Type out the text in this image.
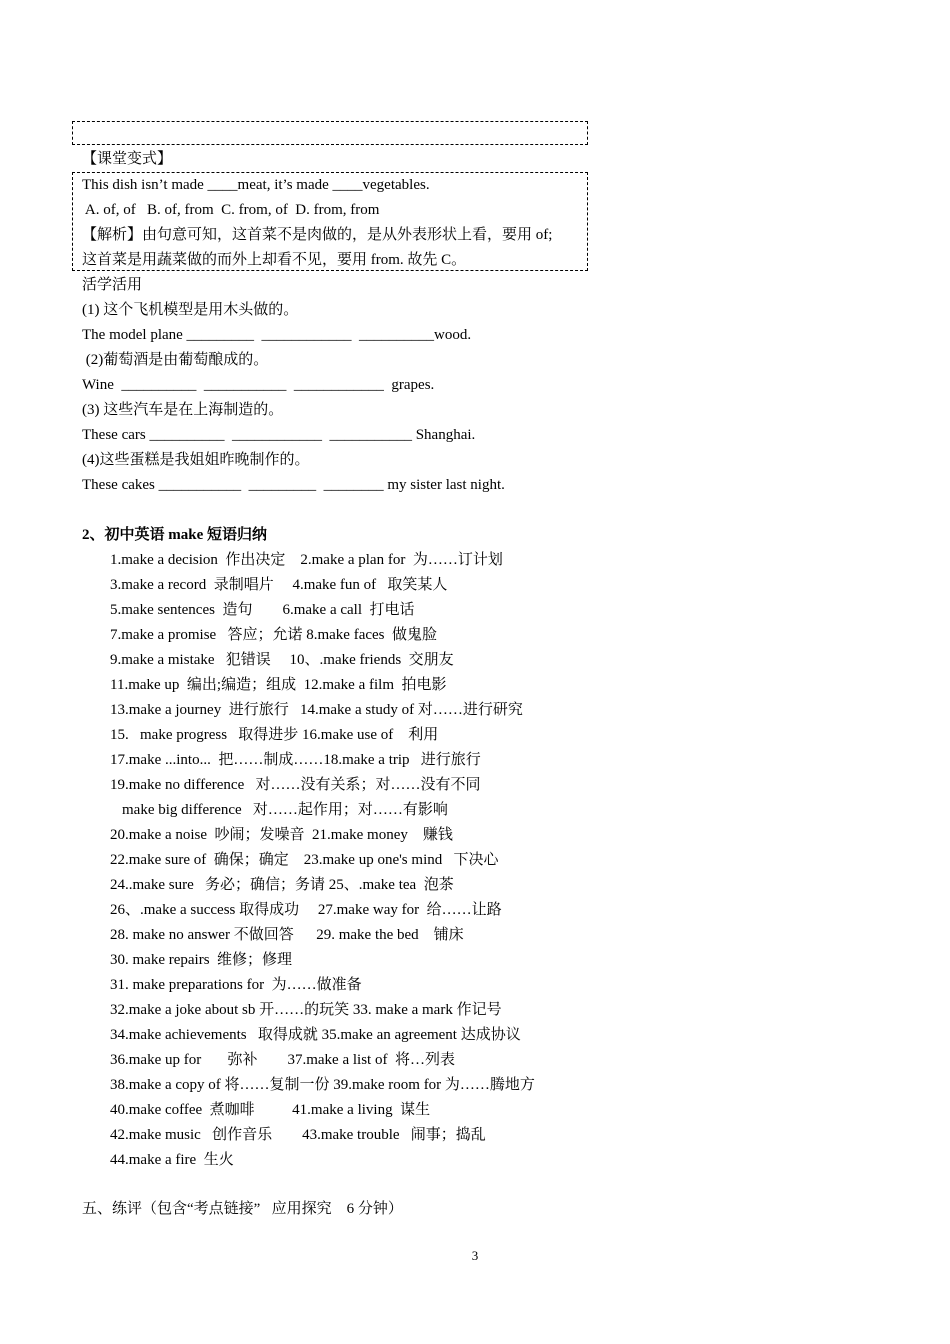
【课堂变式】
This dish isn’t made ____meat, it’s made ____vegetables.
A. of, of   B. of, from  C. from, of  D. from, from
【解析】由句意可知，这首菜不是肉做的，是从外表形状上看，要用 of;
这首菜是用蔬菜做的而外上却看不见，要用 from. 故先 C。
活学活用
(1) 这个飞机模型是用木头做的。
The model plane _________  ____________  __________wood.
(2)葡萄酒是由葡萄酿成的。
Wine  __________  ___________  ____________  grapes.
(3) 这些汽车是在上海制造的。
These cars __________  ____________  ___________ Shanghai.
(4)这些蛋糕是我姐姐昨晚制作的。
These cakes ___________  _________  ________ my sister last night.
2、初中英语 make 短语归纳
1.make a decision  作出决定    2.make a plan for  为……订计划
3.make a record  录制唱片     4.make fun of   取笑某人
5.make sentences  造句        6.make a call  打电话
7.make a promise   答应；允诺 8.make faces  做鬼脸
9.make a mistake   犯错误     10、.make friends  交朋友
11.make up  编出;编造；组成  12.make a film  拍电影
13.make a journey  进行旅行   14.make a study of 对……进行研究
15.   make progress   取得进步 16.make use of    利用
17.make ...into...  把……制成……18.make a trip   进行旅行
19.make no difference   对……没有关系；对……没有不同
make big difference   对……起作用；对……有影响
20.make a noise  吵闹；发噪音  21.make money    赚钱
22.make sure of  确保；确定    23.make up one's mind   下决心
24..make sure   务必；确信；务请 25、.make tea  泡茶
26、.make a success 取得成功     27.make way for  给……让路
28. make no answer 不做回答      29. make the bed    铺床
30. make repairs  维修；修理
31. make preparations for  为……做准备
32.make a joke about sb 开……的玩笑 33. make a mark 作记号
34.make achievements   取得成就 35.make an agreement 达成协议
36.make up for       弥补        37.make a list of  将…列表
38.make a copy of 将……复制一份 39.make room for 为……腾地方
40.make coffee  煮咖啡          41.make a living  谋生
42.make music   创作音乐        43.make trouble   闹事；捣乱
44.make a fire  生火
五、练评（包含“考点链接”   应用探究    6 分钟）
3
